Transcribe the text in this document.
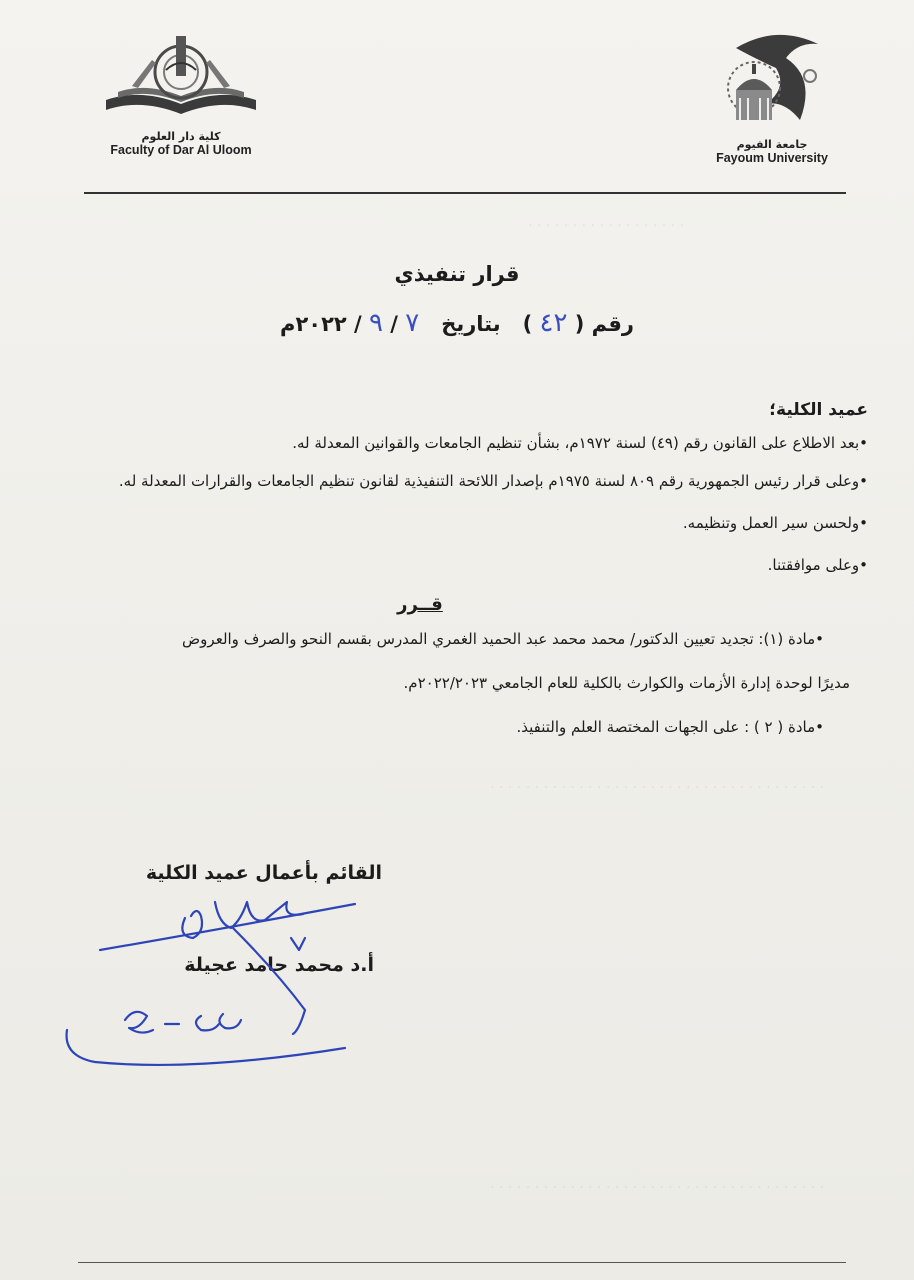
كلية دار العلوم
Faculty of Dar Al Uloom	جامعة الفيوم
Fayoum University
· · · · · · · · · · · · · · · · · ·
· · · · · · · · · · · · · · · · · · · · · · · · · · · · · · · · · · · · · ·
· · · · · · · · · · · · · · · · · · · · · · · · · · · · · · · · · · · · · ·
قرار تنفيذي
رقم ( ٤٢ )   بتاريخ   ٧ / ٩ / ٢٠٢٢م
عميد الكلية؛
•بعد الاطلاع على القانون رقم (٤٩) لسنة ١٩٧٢م، بشأن تنظيم الجامعات والقوانين المعدلة له.
•وعلى قرار رئيس الجمهورية رقم ٨٠٩ لسنة ١٩٧٥م بإصدار اللائحة التنفيذية لقانون تنظيم الجامعات والقرارات المعدلة له.
•ولحسن سير العمل وتنظيمه.
•وعلى موافقتنا.
قــرر
•مادة (١): تجديد تعيين الدكتور/ محمد محمد عبد الحميد الغمري المدرس بقسم النحو والصرف والعروض
مديرًا لوحدة إدارة الأزمات والكوارث بالكلية للعام الجامعي ٢٠٢٢/٢٠٢٣م.
•مادة ( ٢ ) : على الجهات المختصة العلم والتنفيذ.
القائم بأعمال عميد الكلية
أ.د محمد حامد عجيلة
